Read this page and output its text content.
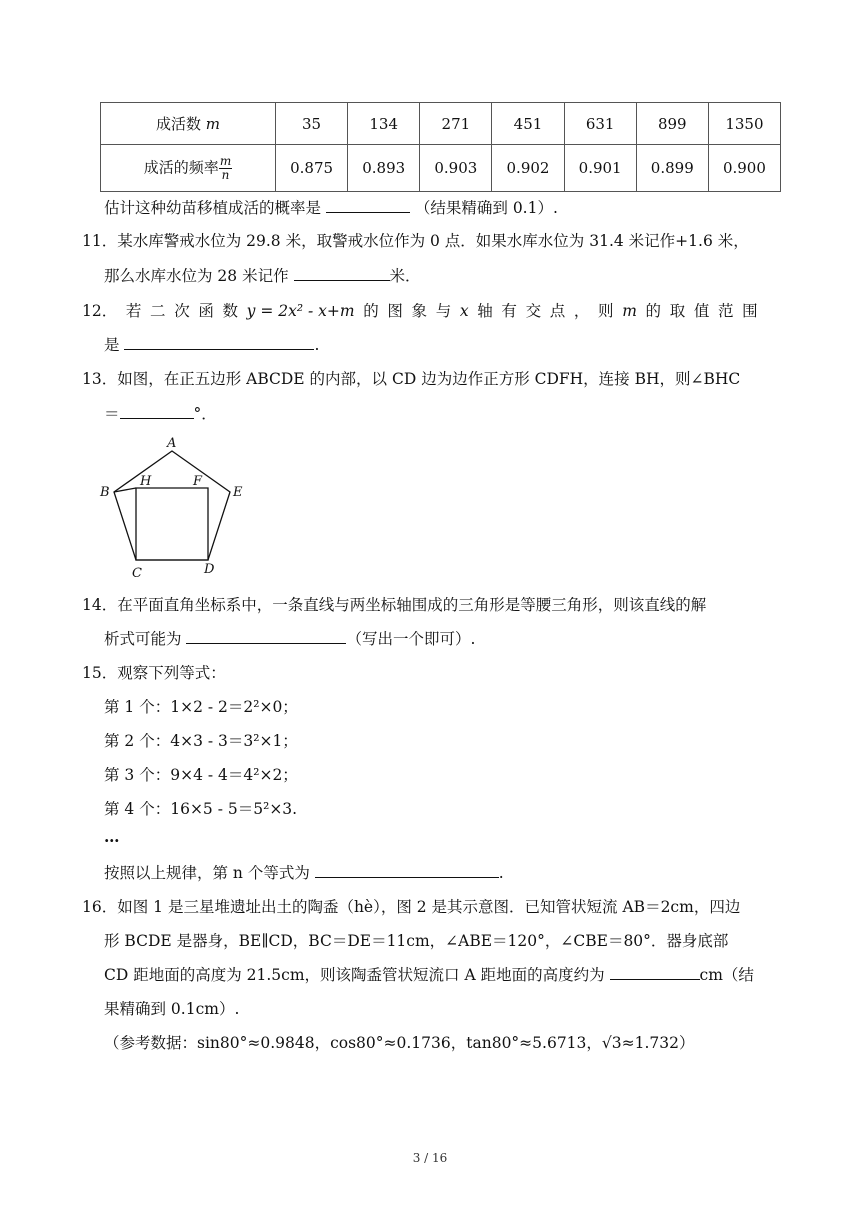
成活数 m	35	134	271	451	631	899	1350
成活的频率 $\frac{m}{n}$	0.875	0.893	0.903	0.902	0.901	0.899	0.900
估计这种幼苗移植成活的概率是	（结果精确到 0.1）.
11．某水库警戒水位为 29.8 米，取警戒水位作为 0 点．如果水库水位为 31.4 米记作+1.6 米，
那么水库水位为 28 米记作	米．
12． 若 二 次 函 数 y = 2x² - x+m 的 图 象 与 x 轴 有 交 点 ， 则 m 的 取 值 范 围
是	.
13．如图，在正五边形 ABCDE 的内部，以 CD 边为边作正方形 CDFH，连接 BH，则∠BHC
＝	°．
A
B
C	D
E
F
H
14．在平面直角坐标系中，一条直线与两坐标轴围成的三角形是等腰三角形，则该直线的解
析式可能为	（写出一个即可）.
15．观察下列等式：
第 1 个：1×2 - 2＝2²×0；
第 2 个：4×3 - 3＝3²×1；
第 3 个：9×4 - 4＝4²×2；
第 4 个：16×5 - 5＝5²×3.
…
按照以上规律，第 n 个等式为	.
16．如图 1 是三星堆遗址出土的陶盉（hè），图 2 是其示意图．已知管状短流 AB＝2cm，四边
形 BCDE 是器身，BE∥CD，BC＝DE＝11cm，∠ABE＝120°，∠CBE＝80°．器身底部
CD 距地面的高度为 21.5cm，则该陶盉管状短流口 A 距地面的高度约为	cm（结
果精确到 0.1cm）.
（参考数据：sin80°≈0.9848，cos80°≈0.1736，tan80°≈5.6713，√3≈1.732）
3 / 16
